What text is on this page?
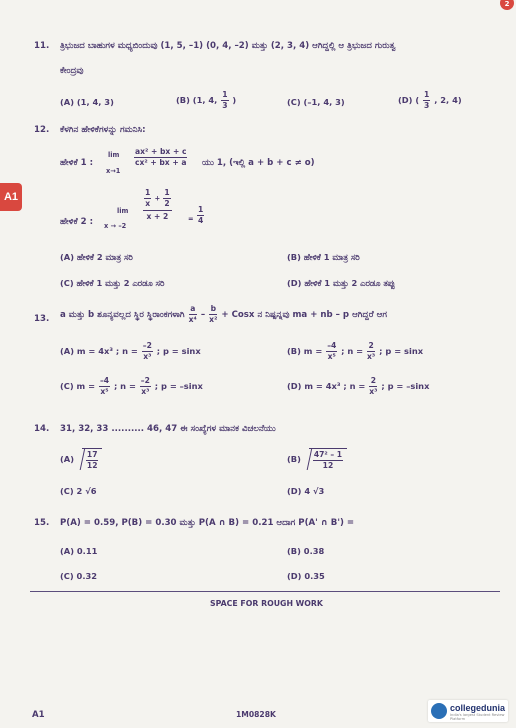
2
A1
11. ತ್ರಿಭುಜದ ಬಾಹುಗಳ ಮಧ್ಯಬಿಂದುವು (1, 5, –1) (0, 4, –2) ಮತ್ತು (2, 3, 4) ಆಗಿದ್ದಲ್ಲಿ ಆ ತ್ರಿಭುಜದ ಗುರುತ್ವ
ಕೇಂದ್ರವು
(A) (1, 4, 3)	(B) (1, 4, $\frac{1}{3}$ )	(C) (–1, 4, 3)	(D) ( $\frac{1}{3}$ , 2, 4)
12. ಕೆಳಗಿನ ಹೇಳಿಕೆಗಳನ್ನು ಗಮನಿಸಿ:
ಹೇಳಿಕೆ 1 :
lim
x→1
$\frac{\text{ax² + bx + c}}{\text{cx² + bx + a}}$ ಯು 1, (ಇಲ್ಲಿ a + b + c ≠ o)
ಹೇಳಿಕೆ 2 :
lim
x → –2
$\frac{1}{x} + \frac{1}{2}$
x + 2	= $\frac{1}{4}$
(A) ಹೇಳಿಕೆ 2 ಮಾತ್ರ ಸರಿ	(B) ಹೇಳಿಕೆ 1 ಮಾತ್ರ ಸರಿ
(C) ಹೇಳಿಕೆ 1 ಮತ್ತು 2 ಎರಡೂ ಸರಿ	(D) ಹೇಳಿಕೆ 1 ಮತ್ತು 2 ಎರಡೂ ತಪ್ಪು
13. a ಮತ್ತು b ಶೂನ್ಯವಲ್ಲದ ಸ್ಥಿರ ಸ್ಥಿರಾಂಕಗಳಾಗಿ $\frac{a}{\text{x⁴}} - \frac{b}{\text{x²}}$ + Cosx ನ ನಿಷ್ಪನ್ನವು ma + nb – p ಆಗಿದ್ದರೆ ಆಗ
(A) m = 4x³ ; $n = \frac{-2}{\text{x³}}$ ; p = sinx	(B) $m = \frac{-4}{\text{x⁵}}$ ; $n = \frac{2}{\text{x³}}$ ; p = sinx
(C) $m = \frac{-4}{\text{x⁵}}$ ; $n = \frac{-2}{\text{x³}}$ ; p = –sinx	(D) m = 4x³ ; $n = \frac{2}{\text{x³}}$ ; p = –sinx
14. 31, 32, 33 .......... 46, 47 ಈ ಸಂಖ್ಯೆಗಳ ಮಾನಕ ವಿಚಲನೆಯು
$(A) \frac{17}{12}$	$(B) \frac{\text{47² – 1}}{12}$
(C) 2 √6	(D) 4 √3
15. P(A) = 0.59, P(B) = 0.30 ಮತ್ತು P(A ∩ B) = 0.21 ಆದಾಗ P(A' ∩ B') =
(A) 0.11	(B) 0.38
(C) 0.32	(D) 0.35
SPACE FOR ROUGH WORK
A1	1M0828K
collegedunia
India's largest Student Review Platform
